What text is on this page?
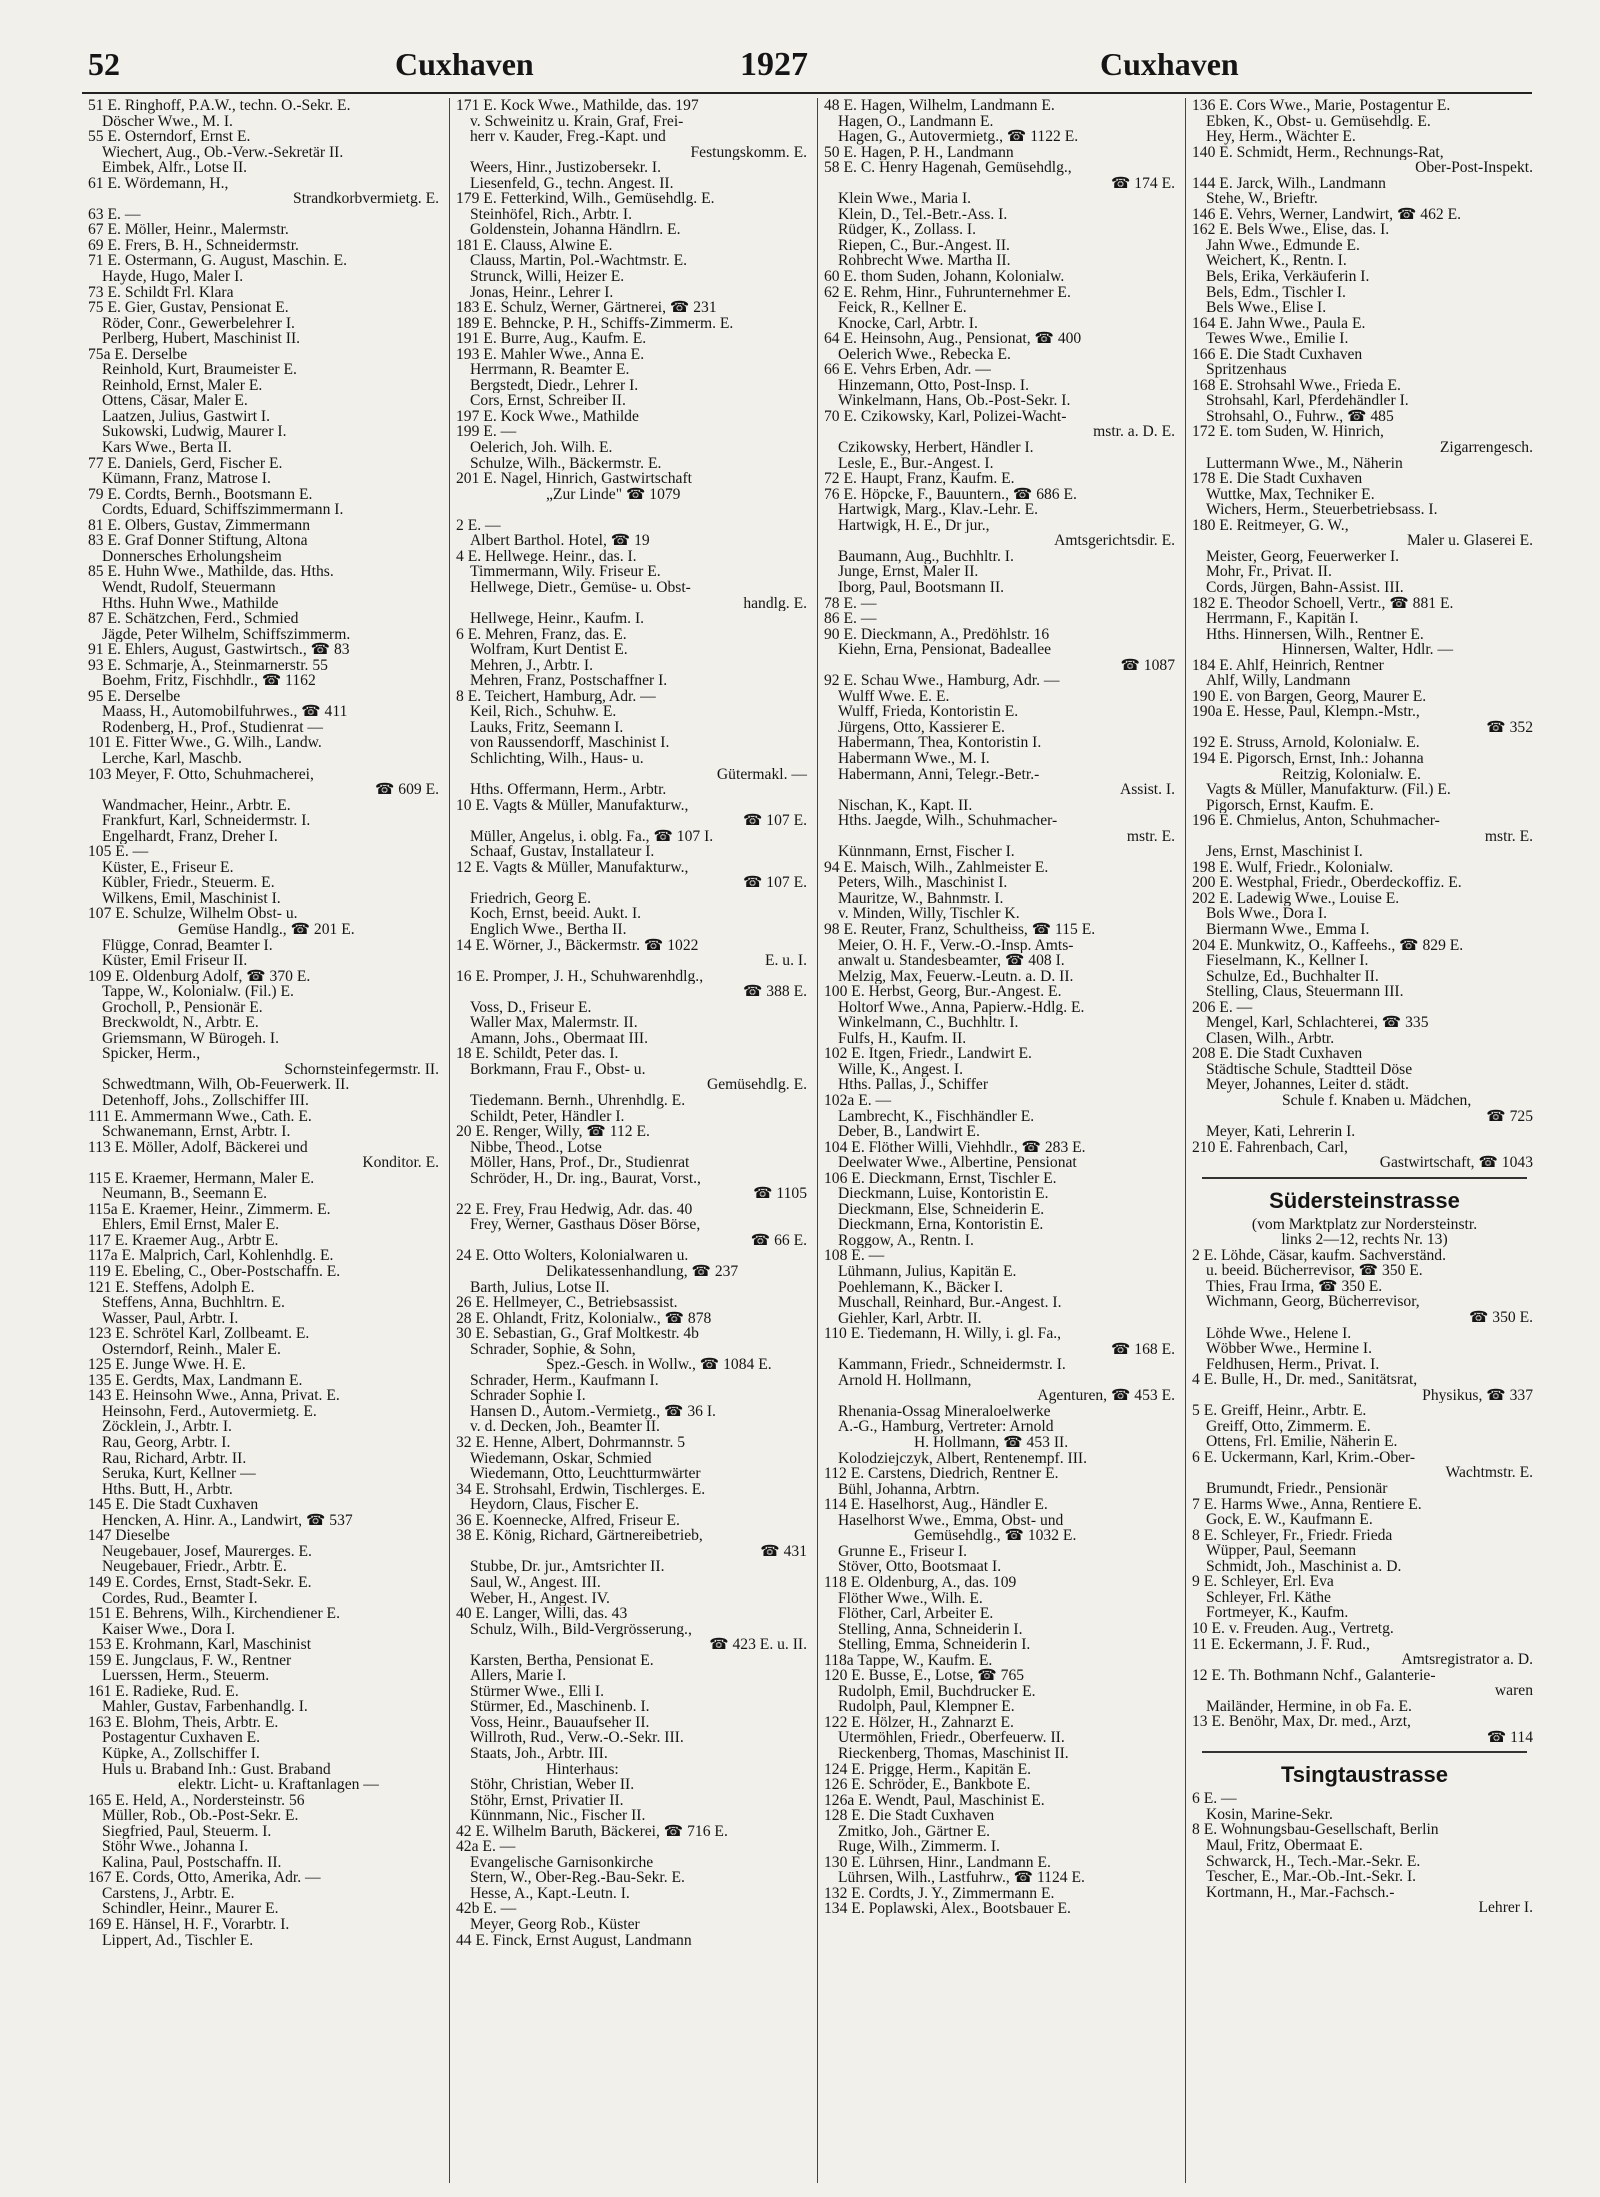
52	Cuxhaven	1927	Cuxhaven
51 E. Ringhoff, P.A.W., techn. O.-Sekr. E.
Döscher Wwe., M. I.
55 E. Osterndorf, Ernst E.
Wiechert, Aug., Ob.-Verw.-Sekretär II.
Eimbek, Alfr., Lotse II.
61 E. Wördemann, H.,
Strandkorbvermietg. E.
63 E. —
67 E. Möller, Heinr., Malermstr.
69 E. Frers, B. H., Schneidermstr.
71 E. Ostermann, G. August, Maschin. E.
Hayde, Hugo, Maler I.
73 E. Schildt Frl. Klara
75 E. Gier, Gustav, Pensionat E.
Röder, Conr., Gewerbelehrer I.
Perlberg, Hubert, Maschinist II.
75a E. Derselbe
Reinhold, Kurt, Braumeister E.
Reinhold, Ernst, Maler E.
Ottens, Cäsar, Maler E.
Laatzen, Julius, Gastwirt I.
Sukowski, Ludwig, Maurer I.
Kars Wwe., Berta II.
77 E. Daniels, Gerd, Fischer E.
Kümann, Franz, Matrose I.
79 E. Cordts, Bernh., Bootsmann E.
Cordts, Eduard, Schiffszimmermann I.
81 E. Olbers, Gustav, Zimmermann
83 E. Graf Donner Stiftung, Altona
Donnersches Erholungsheim
85 E. Huhn Wwe., Mathilde, das. Hths.
Wendt, Rudolf, Steuermann
Hths. Huhn Wwe., Mathilde
87 E. Schätzchen, Ferd., Schmied
Jägde, Peter Wilhelm, Schiffszimmerm.
91 E. Ehlers, August, Gastwirtsch., ☎ 83
93 E. Schmarje, A., Steinmarnerstr. 55
Boehm, Fritz, Fischhdlr., ☎ 1162
95 E. Derselbe
Maass, H., Automobilfuhrwes., ☎ 411
Rodenberg, H., Prof., Studienrat —
101 E. Fitter Wwe., G. Wilh., Landw.
Lerche, Karl, Maschb.
103 Meyer, F. Otto, Schuhmacherei,
☎ 609 E.
Wandmacher, Heinr., Arbtr. E.
Frankfurt, Karl, Schneidermstr. I.
Engelhardt, Franz, Dreher I.
105 E. —
Küster, E., Friseur E.
Kübler, Friedr., Steuerm. E.
Wilkens, Emil, Maschinist I.
107 E. Schulze, Wilhelm Obst- u.
Gemüse Handlg., ☎ 201 E.
Flügge, Conrad, Beamter I.
Küster, Emil Friseur II.
109 E. Oldenburg Adolf, ☎ 370 E.
Tappe, W., Kolonialw. (Fil.) E.
Grocholl, P., Pensionär E.
Breckwoldt, N., Arbtr. E.
Griemsmann, W Bürogeh. I.
Spicker, Herm.,
Schornsteinfegermstr. II.
Schwedtmann, Wilh, Ob-Feuerwerk. II.
Detenhoff, Johs., Zollschiffer III.
111 E. Ammermann Wwe., Cath. E.
Schwanemann, Ernst, Arbtr. I.
113 E. Möller, Adolf, Bäckerei und
Konditor. E.
115 E. Kraemer, Hermann, Maler E.
Neumann, B., Seemann E.
115a E. Kraemer, Heinr., Zimmerm. E.
Ehlers, Emil Ernst, Maler E.
117 E. Kraemer Aug., Arbtr E.
117a E. Malprich, Carl, Kohlenhdlg. E.
119 E. Ebeling, C., Ober-Postschaffn. E.
121 E. Steffens, Adolph E.
Steffens, Anna, Buchhltrn. E.
Wasser, Paul, Arbtr. I.
123 E. Schrötel Karl, Zollbeamt. E.
Osterndorf, Reinh., Maler E.
125 E. Junge Wwe. H. E.
135 E. Gerdts, Max, Landmann E.
143 E. Heinsohn Wwe., Anna, Privat. E.
Heinsohn, Ferd., Autovermietg. E.
Zöcklein, J., Arbtr. I.
Rau, Georg, Arbtr. I.
Rau, Richard, Arbtr. II.
Seruka, Kurt, Kellner —
Hths. Butt, H., Arbtr.
145 E. Die Stadt Cuxhaven
Hencken, A. Hinr. A., Landwirt, ☎ 537
147 Dieselbe
Neugebauer, Josef, Maurerges. E.
Neugebauer, Friedr., Arbtr. E.
149 E. Cordes, Ernst, Stadt-Sekr. E.
Cordes, Rud., Beamter I.
151 E. Behrens, Wilh., Kirchendiener E.
Kaiser Wwe., Dora I.
153 E. Krohmann, Karl, Maschinist
159 E. Jungclaus, F. W., Rentner
Luerssen, Herm., Steuerm.
161 E. Radieke, Rud. E.
Mahler, Gustav, Farbenhandlg. I.
163 E. Blohm, Theis, Arbtr. E.
Postagentur Cuxhaven E.
Küpke, A., Zollschiffer I.
Huls u. Braband Inh.: Gust. Braband
elektr. Licht- u. Kraftanlagen —
165 E. Held, A., Nordersteinstr. 56
Müller, Rob., Ob.-Post-Sekr. E.
Siegfried, Paul, Steuerm. I.
Stöhr Wwe., Johanna I.
Kalina, Paul, Postschaffn. II.
167 E. Cords, Otto, Amerika, Adr. —
Carstens, J., Arbtr. E.
Schindler, Heinr., Maurer E.
169 E. Hänsel, H. F., Vorarbtr. I.
Lippert, Ad., Tischler E.
171 E. Kock Wwe., Mathilde, das. 197
v. Schweinitz u. Krain, Graf, Frei-
herr v. Kauder, Freg.-Kapt. und
Festungskomm. E.
Weers, Hinr., Justizobersekr. I.
Liesenfeld, G., techn. Angest. II.
179 E. Fetterkind, Wilh., Gemüsehdlg. E.
Steinhöfel, Rich., Arbtr. I.
Goldenstein, Johanna Händlrn. E.
181 E. Clauss, Alwine E.
Clauss, Martin, Pol.-Wachtmstr. E.
Strunck, Willi, Heizer E.
Jonas, Heinr., Lehrer I.
183 E. Schulz, Werner, Gärtnerei, ☎ 231
189 E. Behncke, P. H., Schiffs-Zimmerm. E.
191 E. Burre, Aug., Kaufm. E.
193 E. Mahler Wwe., Anna E.
Herrmann, R. Beamter E.
Bergstedt, Diedr., Lehrer I.
Cors, Ernst, Schreiber II.
197 E. Kock Wwe., Mathilde
199 E. —
Oelerich, Joh. Wilh. E.
Schulze, Wilh., Bäckermstr. E.
201 E. Nagel, Hinrich, Gastwirtschaft
„Zur Linde" ☎ 1079
2 E. —
Albert Barthol. Hotel, ☎ 19
4 E. Hellwege. Heinr., das. I.
Timmermann, Wily. Friseur E.
Hellwege, Dietr., Gemüse- u. Obst-
handlg. E.
Hellwege, Heinr., Kaufm. I.
6 E. Mehren, Franz, das. E.
Wolfram, Kurt Dentist E.
Mehren, J., Arbtr. I.
Mehren, Franz, Postschaffner I.
8 E. Teichert, Hamburg, Adr. —
Keil, Rich., Schuhw. E.
Lauks, Fritz, Seemann I.
von Raussendorff, Maschinist I.
Schlichting, Wilh., Haus- u.
Gütermakl. —
Hths. Offermann, Herm., Arbtr.
10 E. Vagts & Müller, Manufakturw.,
☎ 107 E.
Müller, Angelus, i. oblg. Fa., ☎ 107 I.
Schaaf, Gustav, Installateur I.
12 E. Vagts & Müller, Manufakturw.,
☎ 107 E.
Friedrich, Georg E.
Koch, Ernst, beeid. Aukt. I.
Englich Wwe., Bertha II.
14 E. Wörner, J., Bäckermstr. ☎ 1022
E. u. I.
16 E. Promper, J. H., Schuhwarenhdlg.,
☎ 388 E.
Voss, D., Friseur E.
Waller Max, Malermstr. II.
Amann, Johs., Obermaat III.
18 E. Schildt, Peter das. I.
Borkmann, Frau F., Obst- u.
Gemüsehdlg. E.
Tiedemann. Bernh., Uhrenhdlg. E.
Schildt, Peter, Händler I.
20 E. Renger, Willy, ☎ 112 E.
Nibbe, Theod., Lotse
Möller, Hans, Prof., Dr., Studienrat
Schröder, H., Dr. ing., Baurat, Vorst.,
☎ 1105
22 E. Frey, Frau Hedwig, Adr. das. 40
Frey, Werner, Gasthaus Döser Börse,
☎ 66 E.
24 E. Otto Wolters, Kolonialwaren u.
Delikatessenhandlung, ☎ 237
Barth, Julius, Lotse II.
26 E. Hellmeyer, C., Betriebsassist.
28 E. Ohlandt, Fritz, Kolonialw., ☎ 878
30 E. Sebastian, G., Graf Moltkestr. 4b
Schrader, Sophie, & Sohn,
Spez.-Gesch. in Wollw., ☎ 1084 E.
Schrader, Herm., Kaufmann I.
Schrader Sophie I.
Hansen D., Autom.-Vermietg., ☎ 36 I.
v. d. Decken, Joh., Beamter II.
32 E. Henne, Albert, Dohrmannstr. 5
Wiedemann, Oskar, Schmied
Wiedemann, Otto, Leuchtturmwärter
34 E. Strohsahl, Erdwin, Tischlerges. E.
Heydorn, Claus, Fischer E.
36 E. Koennecke, Alfred, Friseur E.
38 E. König, Richard, Gärtnereibetrieb,
☎ 431
Stubbe, Dr. jur., Amtsrichter II.
Saul, W., Angest. III.
Weber, H., Angest. IV.
40 E. Langer, Willi, das. 43
Schulz, Wilh., Bild-Vergrösserung.,
☎ 423 E. u. II.
Karsten, Bertha, Pensionat E.
Allers, Marie I.
Stürmer Wwe., Elli I.
Stürmer, Ed., Maschinenb. I.
Voss, Heinr., Bauaufseher II.
Willroth, Rud., Verw.-O.-Sekr. III.
Staats, Joh., Arbtr. III.
Hinterhaus:
Stöhr, Christian, Weber II.
Stöhr, Ernst, Privatier II.
Künnmann, Nic., Fischer II.
42 E. Wilhelm Baruth, Bäckerei, ☎ 716 E.
42a E. —
Evangelische Garnisonkirche
Stern, W., Ober-Reg.-Bau-Sekr. E.
Hesse, A., Kapt.-Leutn. I.
42b E. —
Meyer, Georg Rob., Küster
44 E. Finck, Ernst August, Landmann
48 E. Hagen, Wilhelm, Landmann E.
Hagen, O., Landmann E.
Hagen, G., Autovermietg., ☎ 1122 E.
50 E. Hagen, P. H., Landmann
58 E. C. Henry Hagenah, Gemüsehdlg.,
☎ 174 E.
Klein Wwe., Maria I.
Klein, D., Tel.-Betr.-Ass. I.
Rüdger, K., Zollass. I.
Riepen, C., Bur.-Angest. II.
Rohbrecht Wwe. Martha II.
60 E. thom Suden, Johann, Kolonialw.
62 E. Rehm, Hinr., Fuhrunternehmer E.
Feick, R., Kellner E.
Knocke, Carl, Arbtr. I.
64 E. Heinsohn, Aug., Pensionat, ☎ 400
Oelerich Wwe., Rebecka E.
66 E. Vehrs Erben, Adr. —
Hinzemann, Otto, Post-Insp. I.
Winkelmann, Hans, Ob.-Post-Sekr. I.
70 E. Czikowsky, Karl, Polizei-Wacht-
mstr. a. D. E.
Czikowsky, Herbert, Händler I.
Lesle, E., Bur.-Angest. I.
72 E. Haupt, Franz, Kaufm. E.
76 E. Höpcke, F., Bauuntern., ☎ 686 E.
Hartwigk, Marg., Klav.-Lehr. E.
Hartwigk, H. E., Dr jur.,
Amtsgerichtsdir. E.
Baumann, Aug., Buchhltr. I.
Junge, Ernst, Maler II.
Iborg, Paul, Bootsmann II.
78 E. —
86 E. —
90 E. Dieckmann, A., Predöhlstr. 16
Kiehn, Erna, Pensionat, Badeallee
☎ 1087
92 E. Schau Wwe., Hamburg, Adr. —
Wulff Wwe. E. E.
Wulff, Frieda, Kontoristin E.
Jürgens, Otto, Kassierer E.
Habermann, Thea, Kontoristin I.
Habermann Wwe., M. I.
Habermann, Anni, Telegr.-Betr.-
Assist. I.
Nischan, K., Kapt. II.
Hths. Jaegde, Wilh., Schuhmacher-
mstr. E.
Künnmann, Ernst, Fischer I.
94 E. Maisch, Wilh., Zahlmeister E.
Peters, Wilh., Maschinist I.
Mauritze, W., Bahnmstr. I.
v. Minden, Willy, Tischler K.
98 E. Reuter, Franz, Schultheiss, ☎ 115 E.
Meier, O. H. F., Verw.-O.-Insp. Amts-
anwalt u. Standesbeamter, ☎ 408 I.
Melzig, Max, Feuerw.-Leutn. a. D. II.
100 E. Herbst, Georg, Bur.-Angest. E.
Holtorf Wwe., Anna, Papierw.-Hdlg. E.
Winkelmann, C., Buchhltr. I.
Fulfs, H., Kaufm. II.
102 E. Itgen, Friedr., Landwirt E.
Wille, K., Angest. I.
Hths. Pallas, J., Schiffer
102a E. —
Lambrecht, K., Fischhändler E.
Deber, B., Landwirt E.
104 E. Flöther Willi, Viehhdlr., ☎ 283 E.
Deelwater Wwe., Albertine, Pensionat
106 E. Dieckmann, Ernst, Tischler E.
Dieckmann, Luise, Kontoristin E.
Dieckmann, Else, Schneiderin E.
Dieckmann, Erna, Kontoristin E.
Roggow, A., Rentn. I.
108 E. —
Lühmann, Julius, Kapitän E.
Poehlemann, K., Bäcker I.
Muschall, Reinhard, Bur.-Angest. I.
Giehler, Karl, Arbtr. II.
110 E. Tiedemann, H. Willy, i. gl. Fa.,
☎ 168 E.
Kammann, Friedr., Schneidermstr. I.
Arnold H. Hollmann,
Agenturen, ☎ 453 E.
Rhenania-Ossag Mineraloelwerke
A.-G., Hamburg, Vertreter: Arnold
H. Hollmann, ☎ 453 II.
Kolodziejczyk, Albert, Rentenempf. III.
112 E. Carstens, Diedrich, Rentner E.
Bühl, Johanna, Arbtrn.
114 E. Haselhorst, Aug., Händler E.
Haselhorst Wwe., Emma, Obst- und
Gemüsehdlg., ☎ 1032 E.
Grunne E., Friseur I.
Stöver, Otto, Bootsmaat I.
118 E. Oldenburg, A., das. 109
Flöther Wwe., Wilh. E.
Flöther, Carl, Arbeiter E.
Stelling, Anna, Schneiderin I.
Stelling, Emma, Schneiderin I.
118a Tappe, W., Kaufm. E.
120 E. Busse, E., Lotse, ☎ 765
Rudolph, Emil, Buchdrucker E.
Rudolph, Paul, Klempner E.
122 E. Hölzer, H., Zahnarzt E.
Utermöhlen, Friedr., Oberfeuerw. II.
Rieckenberg, Thomas, Maschinist II.
124 E. Prigge, Herm., Kapitän E.
126 E. Schröder, E., Bankbote E.
126a E. Wendt, Paul, Maschinist E.
128 E. Die Stadt Cuxhaven
Zmitko, Joh., Gärtner E.
Ruge, Wilh., Zimmerm. I.
130 E. Lührsen, Hinr., Landmann E.
Lührsen, Wilh., Lastfuhrw., ☎ 1124 E.
132 E. Cordts, J. Y., Zimmermann E.
134 E. Poplawski, Alex., Bootsbauer E.
136 E. Cors Wwe., Marie, Postagentur E.
Ebken, K., Obst- u. Gemüsehdlg. E.
Hey, Herm., Wächter E.
140 E. Schmidt, Herm., Rechnungs-Rat,
Ober-Post-Inspekt.
144 E. Jarck, Wilh., Landmann
Stehe, W., Brieftr.
146 E. Vehrs, Werner, Landwirt, ☎ 462 E.
162 E. Bels Wwe., Elise, das. I.
Jahn Wwe., Edmunde E.
Weichert, K., Rentn. I.
Bels, Erika, Verkäuferin I.
Bels, Edm., Tischler I.
Bels Wwe., Elise I.
164 E. Jahn Wwe., Paula E.
Tewes Wwe., Emilie I.
166 E. Die Stadt Cuxhaven
Spritzenhaus
168 E. Strohsahl Wwe., Frieda E.
Strohsahl, Karl, Pferdehändler I.
Strohsahl, O., Fuhrw., ☎ 485
172 E. tom Suden, W. Hinrich,
Zigarrengesch.
Luttermann Wwe., M., Näherin
178 E. Die Stadt Cuxhaven
Wuttke, Max, Techniker E.
Wichers, Herm., Steuerbetriebsass. I.
180 E. Reitmeyer, G. W.,
Maler u. Glaserei E.
Meister, Georg, Feuerwerker I.
Mohr, Fr., Privat. II.
Cords, Jürgen, Bahn-Assist. III.
182 E. Theodor Schoell, Vertr., ☎ 881 E.
Herrmann, F., Kapitän I.
Hths. Hinnersen, Wilh., Rentner E.
Hinnersen, Walter, Hdlr. —
184 E. Ahlf, Heinrich, Rentner
Ahlf, Willy, Landmann
190 E. von Bargen, Georg, Maurer E.
190a E. Hesse, Paul, Klempn.-Mstr.,
☎ 352
192 E. Struss, Arnold, Kolonialw. E.
194 E. Pigorsch, Ernst, Inh.: Johanna
Reitzig, Kolonialw. E.
Vagts & Müller, Manufakturw. (Fil.) E.
Pigorsch, Ernst, Kaufm. E.
196 E. Chmielus, Anton, Schuhmacher-
mstr. E.
Jens, Ernst, Maschinist I.
198 E. Wulf, Friedr., Kolonialw.
200 E. Westphal, Friedr., Oberdeckoffiz. E.
202 E. Ladewig Wwe., Louise E.
Bols Wwe., Dora I.
Biermann Wwe., Emma I.
204 E. Munkwitz, O., Kaffeehs., ☎ 829 E.
Fieselmann, K., Kellner I.
Schulze, Ed., Buchhalter II.
Stelling, Claus, Steuermann III.
206 E. —
Mengel, Karl, Schlachterei, ☎ 335
Clasen, Wilh., Arbtr.
208 E. Die Stadt Cuxhaven
Städtische Schule, Stadtteil Döse
Meyer, Johannes, Leiter d. städt.
Schule f. Knaben u. Mädchen,
☎ 725
Meyer, Kati, Lehrerin I.
210 E. Fahrenbach, Carl,
Gastwirtschaft, ☎ 1043
Südersteinstrasse
(vom Marktplatz zur Nordersteinstr.
links 2—12, rechts Nr. 13)
2 E. Löhde, Cäsar, kaufm. Sachverständ.
u. beeid. Bücherrevisor, ☎ 350 E.
Thies, Frau Irma, ☎ 350 E.
Wichmann, Georg, Bücherrevisor,
☎ 350 E.
Löhde Wwe., Helene I.
Wöbber Wwe., Hermine I.
Feldhusen, Herm., Privat. I.
4 E. Bulle, H., Dr. med., Sanitätsrat,
Physikus, ☎ 337
5 E. Greiff, Heinr., Arbtr. E.
Greiff, Otto, Zimmerm. E.
Ottens, Frl. Emilie, Näherin E.
6 E. Uckermann, Karl, Krim.-Ober-
Wachtmstr. E.
Brumundt, Friedr., Pensionär
7 E. Harms Wwe., Anna, Rentiere E.
Gock, E. W., Kaufmann E.
8 E. Schleyer, Fr., Friedr. Frieda
Wüpper, Paul, Seemann
Schmidt, Joh., Maschinist a. D.
9 E. Schleyer, Erl. Eva
Schleyer, Frl. Käthe
Fortmeyer, K., Kaufm.
10 E. v. Freuden. Aug., Vertretg.
11 E. Eckermann, J. F. Rud.,
Amtsregistrator a. D.
12 E. Th. Bothmann Nchf., Galanterie-
waren
Mailänder, Hermine, in ob Fa. E.
13 E. Benöhr, Max, Dr. med., Arzt,
☎ 114
Tsingtaustrasse
6 E. —
Kosin, Marine-Sekr.
8 E. Wohnungsbau-Gesellschaft, Berlin
Maul, Fritz, Obermaat E.
Schwarck, H., Tech.-Mar.-Sekr. E.
Tescher, E., Mar.-Ob.-Int.-Sekr. I.
Kortmann, H., Mar.-Fachsch.-
Lehrer I.
